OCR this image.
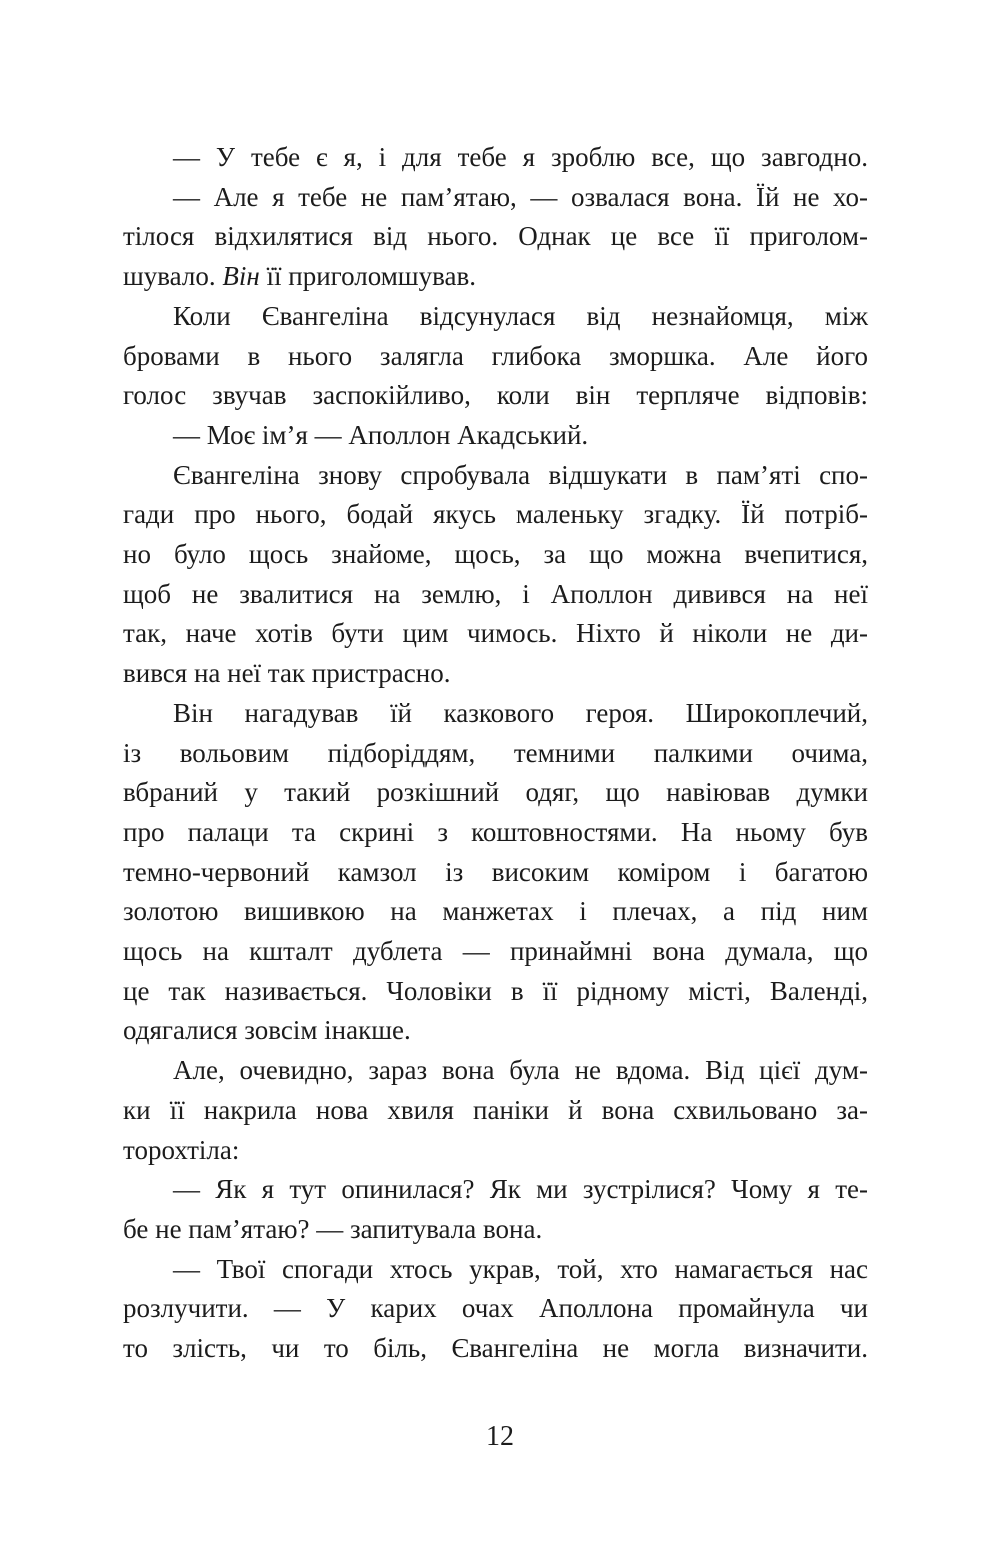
— У тебе є я, і для тебе я зроблю все, що завгодно.
— Але я тебе не пам’ятаю, — озвалася вона. Їй не хо-
тілося відхилятися від нього. Однак це все її приголом-
шувало. Він її приголомшував.
Коли Євангеліна відсунулася від незнайомця, між
бровами в нього залягла глибока зморшка. Але його
голос звучав заспокійливо, коли він терпляче відповів:
— Моє ім’я — Аполлон Акадський.
Євангеліна знову спробувала відшукати в пам’яті спо-
гади про нього, бодай якусь маленьку згадку. Їй потріб-
но було щось знайоме, щось, за що можна вчепитися,
щоб не звалитися на землю, і Аполлон дивився на неї
так, наче хотів бути цим чимось. Ніхто й ніколи не ди-
вився на неї так пристрасно.
Він нагадував їй казкового героя. Широкоплечий,
із вольовим підборіддям, темними палкими очима,
вбраний у такий розкішний одяг, що навіював думки
про палаци та скрині з коштовностями. На ньому був
темно-червоний камзол із високим коміром і багатою
золотою вишивкою на манжетах і плечах, а під ним
щось на кшталт дублета — принаймні вона думала, що
це так називається. Чоловіки в її рідному місті, Валенді,
одягалися зовсім інакше.
Але, очевидно, зараз вона була не вдома. Від цієї дум-
ки її накрила нова хвиля паніки й вона схвильовано за-
торохтіла:
— Як я тут опинилася? Як ми зустрілися? Чому я те-
бе не пам’ятаю? — запитувала вона.
— Твої спогади хтось украв, той, хто намагається нас
розлучити. — У карих очах Аполлона промайнула чи
то злість, чи то біль, Євангеліна не могла визначити.
12
